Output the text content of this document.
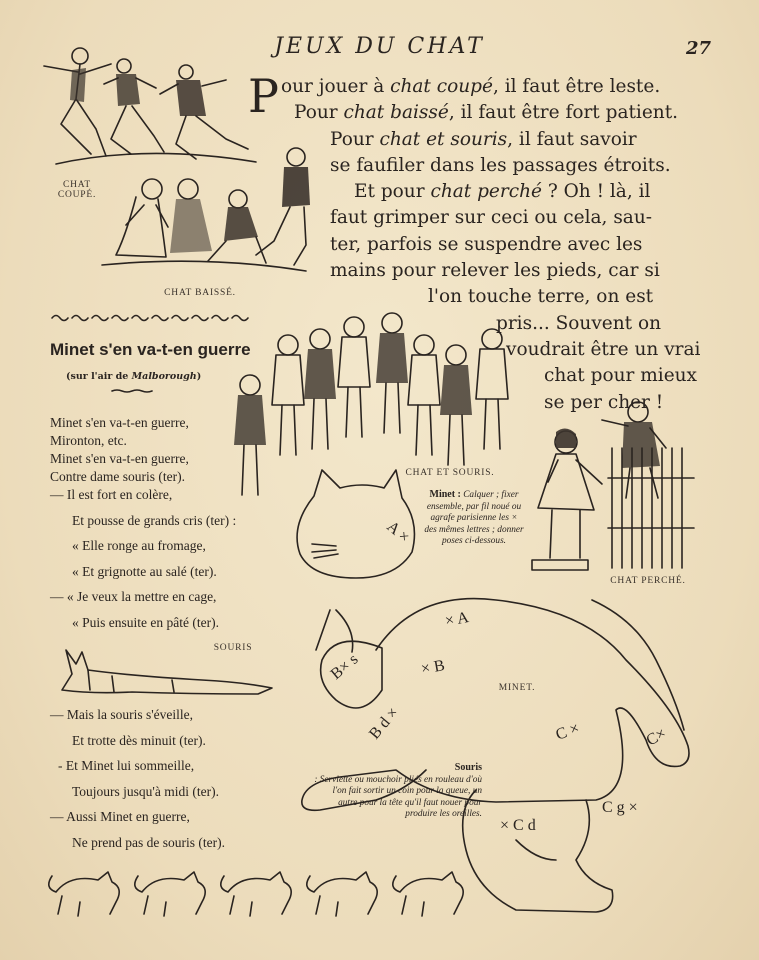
JEUX DU CHAT	27
P our jouer à chat coupé, il faut être leste.
Pour chat baissé, il faut être fort patient.
Pour chat et souris, il faut savoir
se faufiler dans les passages étroits.
Et pour chat perché ? Oh ! là, il
faut grimper sur ceci ou cela, sau-
ter, parfois se suspendre avec les
mains pour relever les pieds, car si
l'on touche terre, on est
pris... Souvent on
voudrait être un vrai
chat pour mieux
se per cher !
CHAT
COUPÉ.
CHAT BAISSÉ.
Minet s'en va-t-en guerre
(sur l'air de Malborough)
Minet s'en va-t-en guerre,
Mironton, etc.
Minet s'en va-t-en guerre,
Contre dame souris (ter).
— Il est fort en colère,
Et pousse de grands cris (ter) :
« Elle ronge au fromage,
« Et grignotte au salé (ter).
— « Je veux la mettre en cage,
« Puis ensuite en pâté (ter).
SOURIS
— Mais la souris s'éveille,
Et trotte dès minuit (ter).
- Et Minet lui sommeille,
Toujours jusqu'à midi (ter).
— Aussi Minet en guerre,
Ne prend pas de souris (ter).
CHAT ET SOURIS.
CHAT PERCHÉ.
Minet : Calquer ; fixer ensemble, par fil noué ou agrafe parisienne les × des mêmes lettres ; donner poses ci-dessous.
A ×
× A
× B
B× s
B d ×	C ×	C×
C g ×
× C d
MINET.
Souris
: Serviette ou mouchoir pliés en rouleau d'où l'on fait sortir un coin pour la queue, un autre pour la tête qu'il faut nouer pour produire les oreilles.
